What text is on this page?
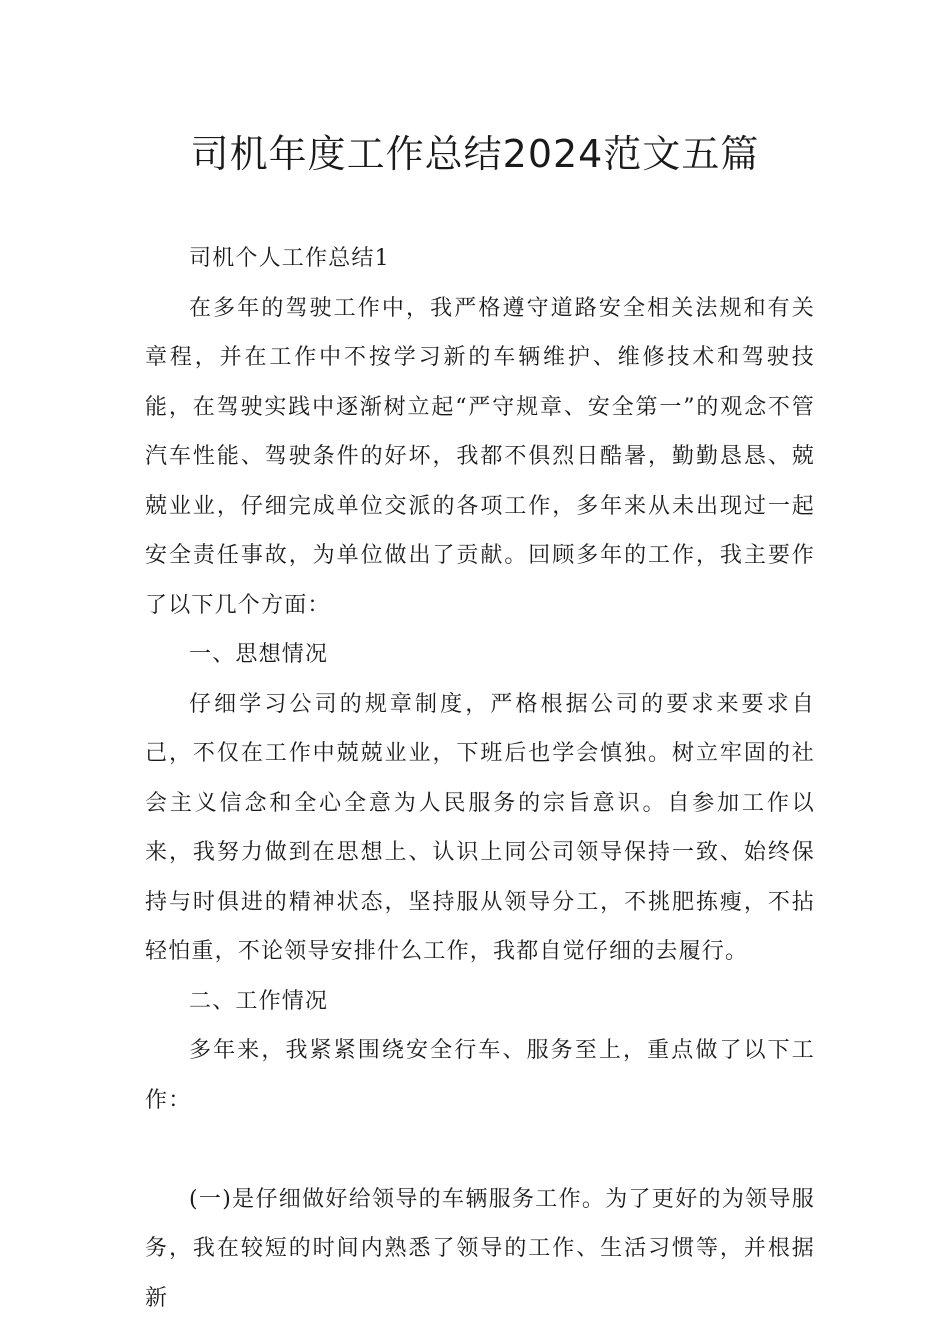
司机年度工作总结2024范文五篇

司机个人工作总结1

在多年的驾驶工作中，我严格遵守道路安全相关法规和有关章程，并在工作中不按学习新的车辆维护、维修技术和驾驶技能，在驾驶实践中逐渐树立起“严守规章、安全第一”的观念不管汽车性能、驾驶条件的好坏，我都不俱烈日酷暑，勤勤恳恳、兢兢业业，仔细完成单位交派的各项工作，多年来从未出现过一起安全责任事故，为单位做出了贡献。回顾多年的工作，我主要作了以下几个方面：

一、思想情况

仔细学习公司的规章制度，严格根据公司的要求来要求自己，不仅在工作中兢兢业业，下班后也学会慎独。树立牢固的社会主义信念和全心全意为人民服务的宗旨意识。自参加工作以来，我努力做到在思想上、认识上同公司领导保持一致、始终保持与时俱进的精神状态，坚持服从领导分工，不挑肥拣瘦，不拈轻怕重，不论领导安排什么工作，我都自觉仔细的去履行。

二、工作情况

多年来，我紧紧围绕安全行车、服务至上，重点做了以下工作：

(一)是仔细做好给领导的车辆服务工作。为了更好的为领导服务，我在较短的时间内熟悉了领导的工作、生活习惯等，并根据新
